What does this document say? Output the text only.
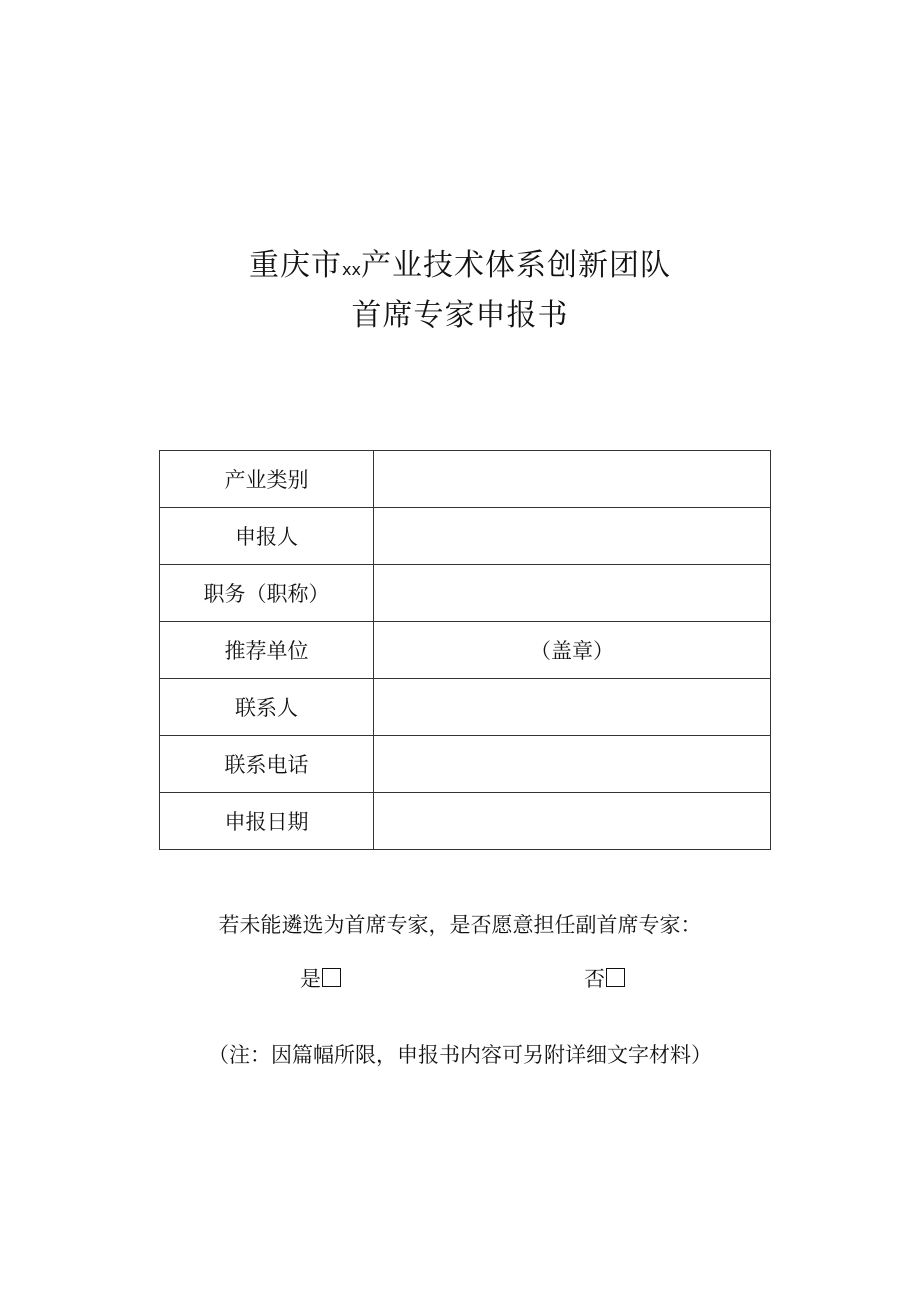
重庆市xx产业技术体系创新团队
首席专家申报书
产业类别	
申报人	
职务（职称）	
推荐单位	（盖章）
联系人	
联系电话	
申报日期	
若未能遴选为首席专家，是否愿意担任副首席专家：
是	否
（注：因篇幅所限，申报书内容可另附详细文字材料）
